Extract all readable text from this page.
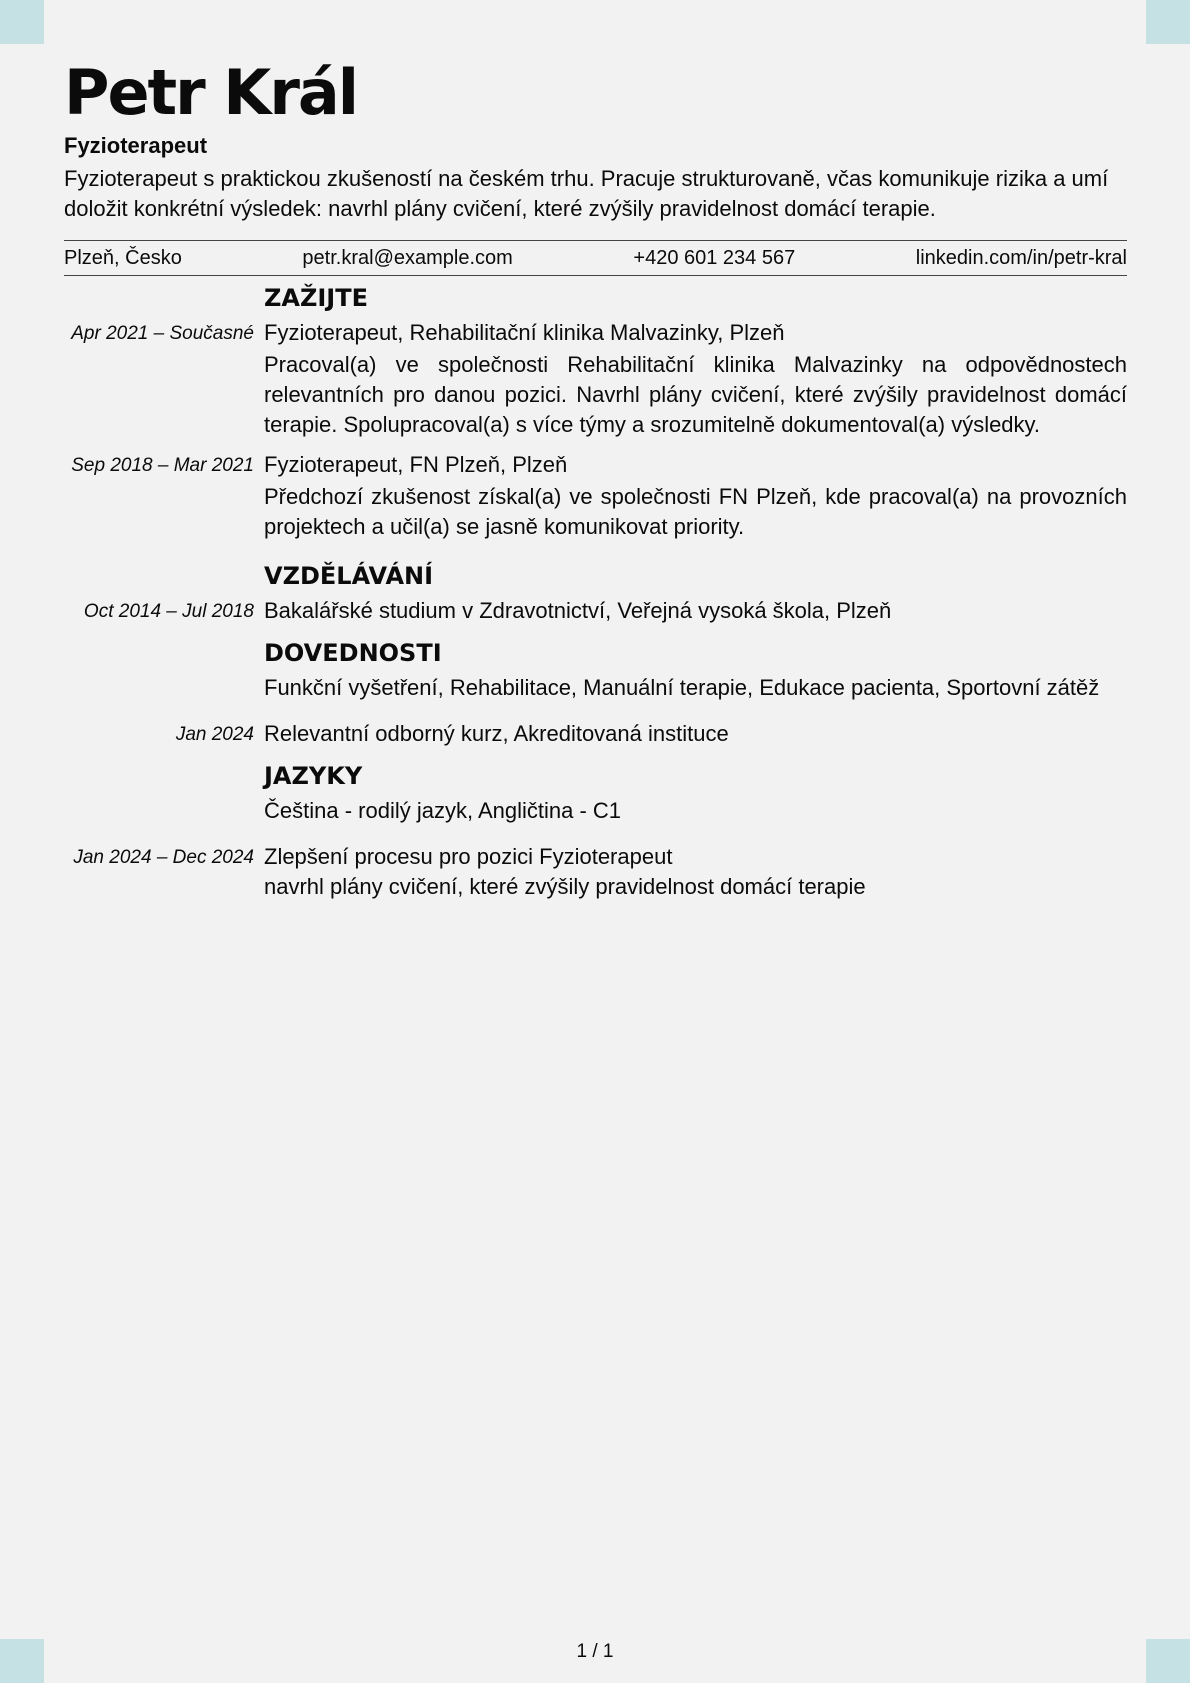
Petr Král
Fyzioterapeut
Fyzioterapeut s praktickou zkušeností na českém trhu. Pracuje strukturovaně, včas komunikuje rizika a umí doložit konkrétní výsledek: navrhl plány cvičení, které zvýšily pravidelnost domácí terapie.
Plzeň, Česko	petr.kral@example.com	+420 601 234 567	linkedin.com/in/petr-kral
ZAŽIJTE
Apr 2021 – Současné Fyzioterapeut, Rehabilitační klinika Malvazinky, Plzeň
Pracoval(a) ve společnosti Rehabilitační klinika Malvazinky na odpovědnostech relevantních pro danou pozici. Navrhl plány cvičení, které zvýšily pravidelnost domácí terapie. Spolupracoval(a) s více týmy a srozumitelně dokumentoval(a) výsledky.
Sep 2018 – Mar 2021 Fyzioterapeut, FN Plzeň, Plzeň
Předchozí zkušenost získal(a) ve společnosti FN Plzeň, kde pracoval(a) na provozních projektech a učil(a) se jasně komunikovat priority.
VZDĚLÁVÁNÍ
Oct 2014 – Jul 2018 Bakalářské studium v Zdravotnictví, Veřejná vysoká škola, Plzeň
DOVEDNOSTI
Funkční vyšetření, Rehabilitace, Manuální terapie, Edukace pacienta, Sportovní zátěž
Jan 2024 Relevantní odborný kurz, Akreditovaná instituce
JAZYKY
Čeština - rodilý jazyk, Angličtina - C1
Jan 2024 – Dec 2024 Zlepšení procesu pro pozici Fyzioterapeut
navrhl plány cvičení, které zvýšily pravidelnost domácí terapie
1 / 1
